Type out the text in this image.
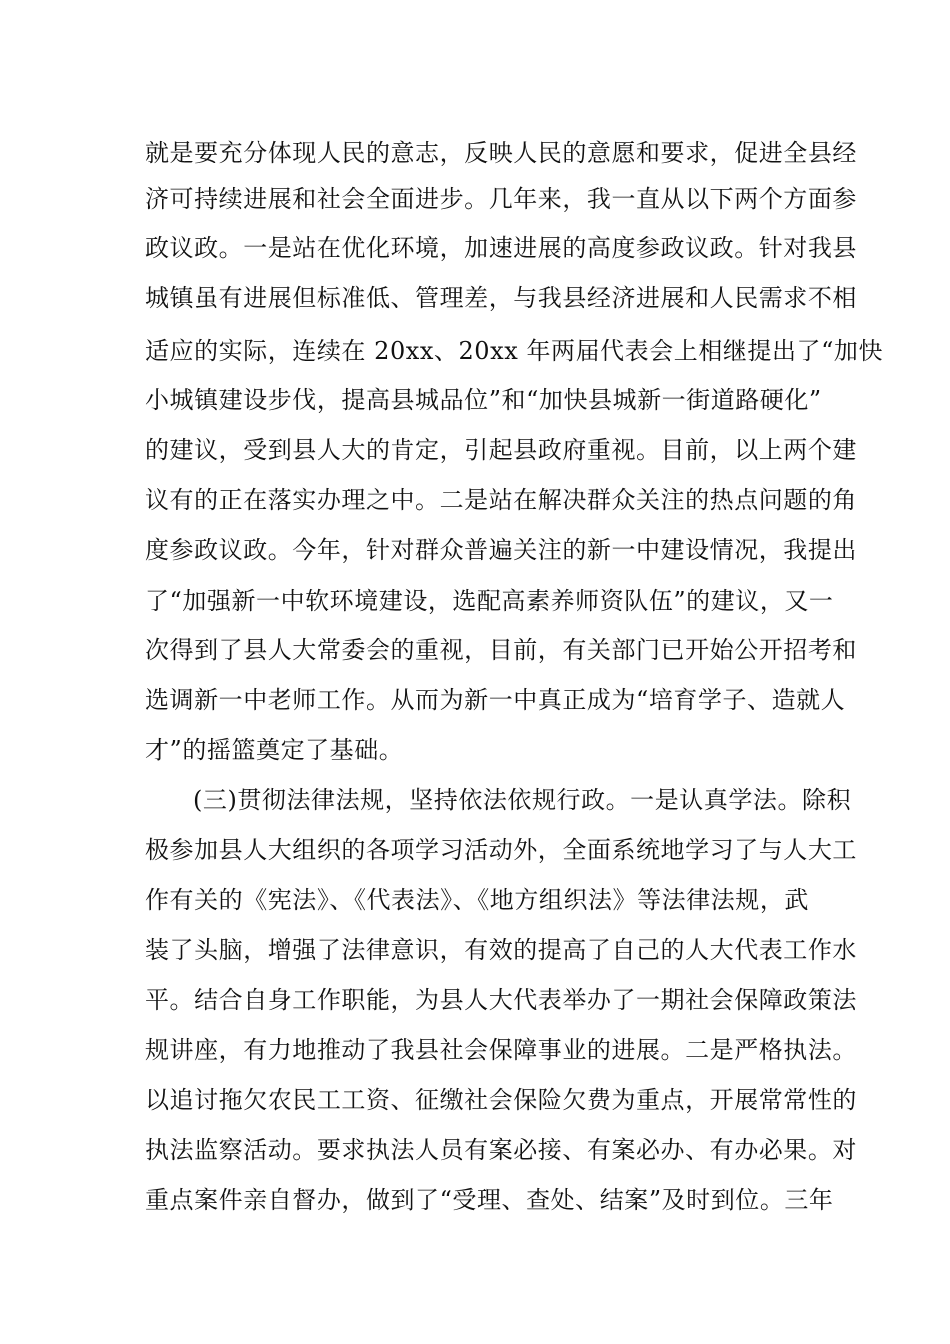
就是要充分体现人民的意志，反映人民的意愿和要求，促进全县经
济可持续进展和社会全面进步。几年来，我一直从以下两个方面参
政议政。一是站在优化环境，加速进展的高度参政议政。针对我县
城镇虽有进展但标准低、管理差，与我县经济进展和人民需求不相
适应的实际，连续在 20xx、20xx 年两届代表会上相继提出了“加快
小城镇建设步伐，提高县城品位”和“加快县城新一街道路硬化”
的建议，受到县人大的肯定，引起县政府重视。目前，以上两个建
议有的正在落实办理之中。二是站在解决群众关注的热点问题的角
度参政议政。今年，针对群众普遍关注的新一中建设情况，我提出
了“加强新一中软环境建设，选配高素养师资队伍”的建议，又一
次得到了县人大常委会的重视，目前，有关部门已开始公开招考和
选调新一中老师工作。从而为新一中真正成为“培育学子、造就人
才”的摇篮奠定了基础。
(三)贯彻法律法规，坚持依法依规行政。一是认真学法。除积
极参加县人大组织的各项学习活动外，全面系统地学习了与人大工
作有关的《宪法》、《代表法》、《地方组织法》等法律法规，武
装了头脑，增强了法律意识，有效的提高了自己的人大代表工作水
平。结合自身工作职能，为县人大代表举办了一期社会保障政策法
规讲座，有力地推动了我县社会保障事业的进展。二是严格执法。
以追讨拖欠农民工工资、征缴社会保险欠费为重点，开展常常性的
执法监察活动。要求执法人员有案必接、有案必办、有办必果。对
重点案件亲自督办，做到了“受理、查处、结案”及时到位。三年
